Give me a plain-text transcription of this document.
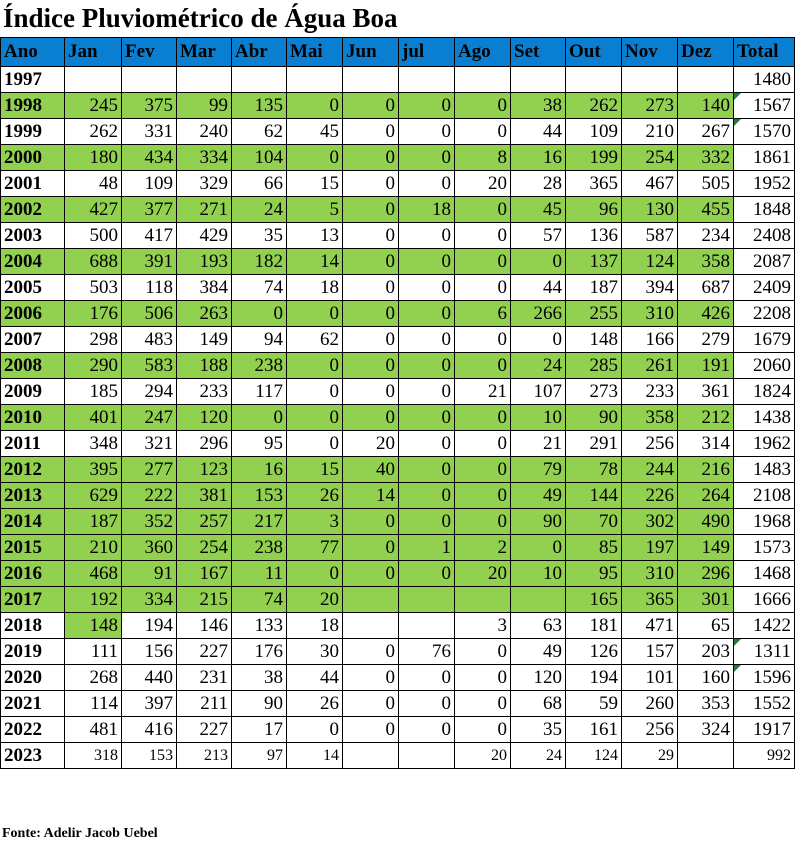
Índice Pluviométrico de Água Boa
Ano	Jan	Fev	Mar	Abr	Mai	Jun	jul	Ago	Set	Out	Nov	Dez	Total
1997													1480
1998	245	375	99	135	0	0	0	0	38	262	273	140	1567
1999	262	331	240	62	45	0	0	0	44	109	210	267	1570
2000	180	434	334	104	0	0	0	8	16	199	254	332	1861
2001	48	109	329	66	15	0	0	20	28	365	467	505	1952
2002	427	377	271	24	5	0	18	0	45	96	130	455	1848
2003	500	417	429	35	13	0	0	0	57	136	587	234	2408
2004	688	391	193	182	14	0	0	0	0	137	124	358	2087
2005	503	118	384	74	18	0	0	0	44	187	394	687	2409
2006	176	506	263	0	0	0	0	6	266	255	310	426	2208
2007	298	483	149	94	62	0	0	0	0	148	166	279	1679
2008	290	583	188	238	0	0	0	0	24	285	261	191	2060
2009	185	294	233	117	0	0	0	21	107	273	233	361	1824
2010	401	247	120	0	0	0	0	0	10	90	358	212	1438
2011	348	321	296	95	0	20	0	0	21	291	256	314	1962
2012	395	277	123	16	15	40	0	0	79	78	244	216	1483
2013	629	222	381	153	26	14	0	0	49	144	226	264	2108
2014	187	352	257	217	3	0	0	0	90	70	302	490	1968
2015	210	360	254	238	77	0	1	2	0	85	197	149	1573
2016	468	91	167	11	0	0	0	20	10	95	310	296	1468
2017	192	334	215	74	20					165	365	301	1666
2018	148	194	146	133	18			3	63	181	471	65	1422
2019	111	156	227	176	30	0	76	0	49	126	157	203	1311
2020	268	440	231	38	44	0	0	0	120	194	101	160	1596
2021	114	397	211	90	26	0	0	0	68	59	260	353	1552
2022	481	416	227	17	0	0	0	0	35	161	256	324	1917
2023	318	153	213	97	14			20	24	124	29		992
Fonte: Adelir Jacob Uebel
